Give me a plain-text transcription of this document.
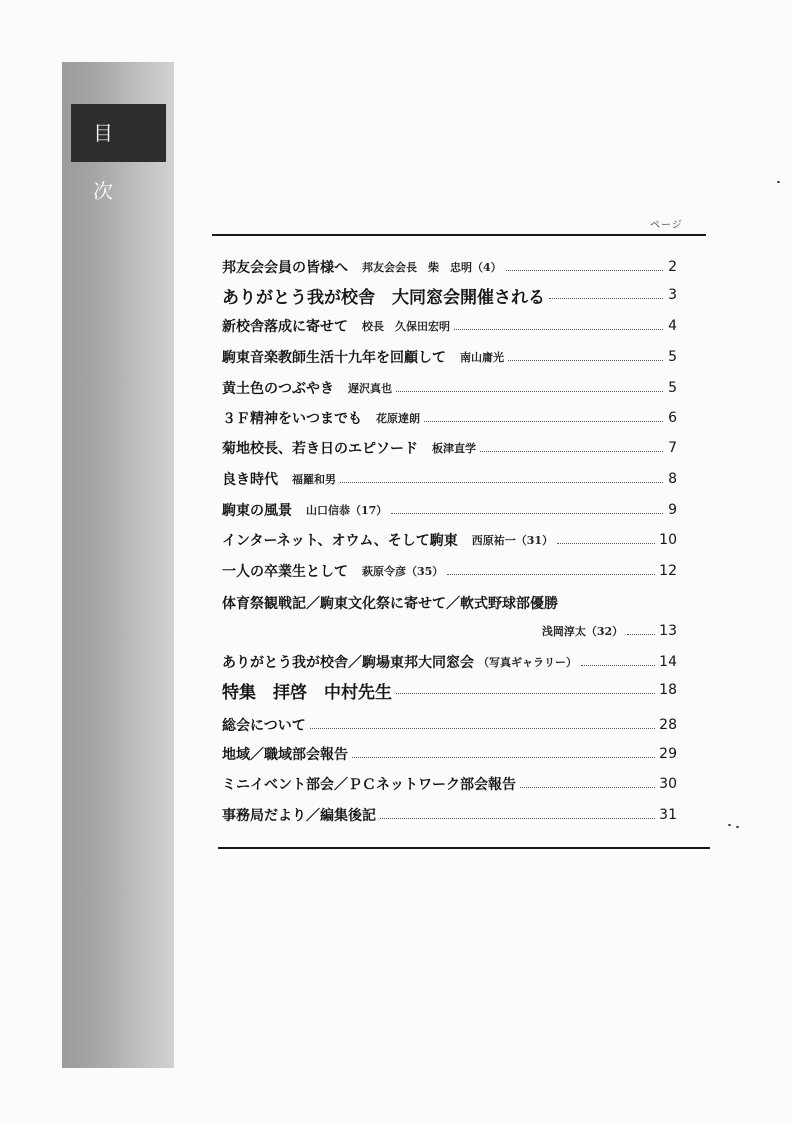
目 次
ページ
邦友会会員の皆様へ 邦友会会長　柴　忠明（4）	2
ありがとう我が校舎　大同窓会開催される	3
新校舎落成に寄せて 校長　久保田宏明	4
駒東音楽教師生活十九年を回顧して 南山庸光	5
黄土色のつぶやき 遅沢真也	5
３Ｆ精神をいつまでも 花原達朗	6
菊地校長、若き日のエピソード 板津直学	7
良き時代 福羅和男	8
駒東の風景 山口信恭（17）	9
インターネット、オウム、そして駒東 西原祐一（31）	10
一人の卒業生として 萩原令彦（35）	12
体育祭観戦記／駒東文化祭に寄せて／軟式野球部優勝
浅岡淳太（32）	13
ありがとう我が校舎／駒場東邦大同窓会 （写真ギャラリー）	14
特集　拝啓　中村先生	18
総会について	28
地域／職域部会報告	29
ミニイベント部会／ＰＣネットワーク部会報告	30
事務局だより／編集後記	31
